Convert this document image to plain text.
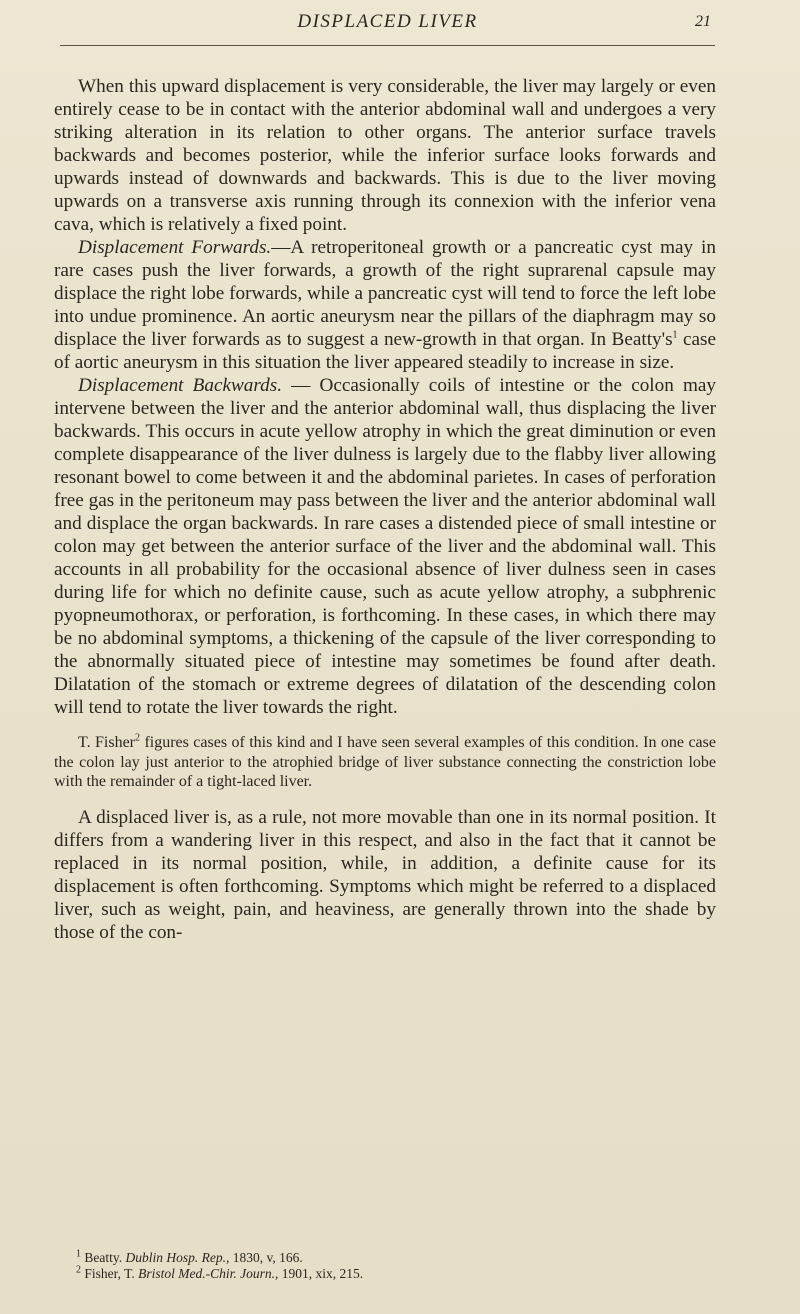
DISPLACED LIVER	21

When this upward displacement is very considerable, the liver may largely or even entirely cease to be in contact with the anterior abdominal wall and undergoes a very striking alteration in its relation to other organs. The anterior surface travels backwards and becomes posterior, while the inferior surface looks forwards and upwards instead of downwards and backwards. This is due to the liver moving upwards on a transverse axis running through its connexion with the inferior vena cava, which is relatively a fixed point.

Displacement Forwards.—A retroperitoneal growth or a pancreatic cyst may in rare cases push the liver forwards, a growth of the right suprarenal capsule may displace the right lobe forwards, while a pancreatic cyst will tend to force the left lobe into undue prominence. An aortic aneurysm near the pillars of the diaphragm may so displace the liver forwards as to suggest a new-growth in that organ. In $Beatty's^1$ case of aortic aneurysm in this situation the liver appeared steadily to increase in size.

Displacement Backwards. — Occasionally coils of intestine or the colon may intervene between the liver and the anterior abdominal wall, thus displacing the liver backwards. This occurs in acute yellow atrophy in which the great diminution or even complete disappearance of the liver dulness is largely due to the flabby liver allowing resonant bowel to come between it and the abdominal parietes. In cases of perforation free gas in the peritoneum may pass between the liver and the anterior abdominal wall and displace the organ backwards. In rare cases a distended piece of small intestine or colon may get between the anterior surface of the liver and the abdominal wall. This accounts in all probability for the occasional absence of liver dulness seen in cases during life for which no definite cause, such as acute yellow atrophy, a subphrenic pyopneumothorax, or perforation, is forthcoming. In these cases, in which there may be no abdominal symptoms, a thickening of the capsule of the liver corresponding to the abnormally situated piece of intestine may sometimes be found after death. Dilatation of the stomach or extreme degrees of dilatation of the descending colon will tend to rotate the liver towards the right.

T. Fisher$^2$ figures cases of this kind and I have seen several examples of this condition. In one case the colon lay just anterior to the atrophied bridge of liver substance connecting the constriction lobe with the remainder of a tight-laced liver.

A displaced liver is, as a rule, not more movable than one in its normal position. It differs from a wandering liver in this respect, and also in the fact that it cannot be replaced in its normal position, while, in addition, a definite cause for its displacement is often forthcoming. Symptoms which might be referred to a displaced liver, such as weight, pain, and heaviness, are generally thrown into the shade by those of the con-

$^1$ Beatty. Dublin Hosp. Rep., 1830, v, 166.
$^2$ Fisher, T. Bristol Med.-Chir. Journ., 1901, xix, 215.
